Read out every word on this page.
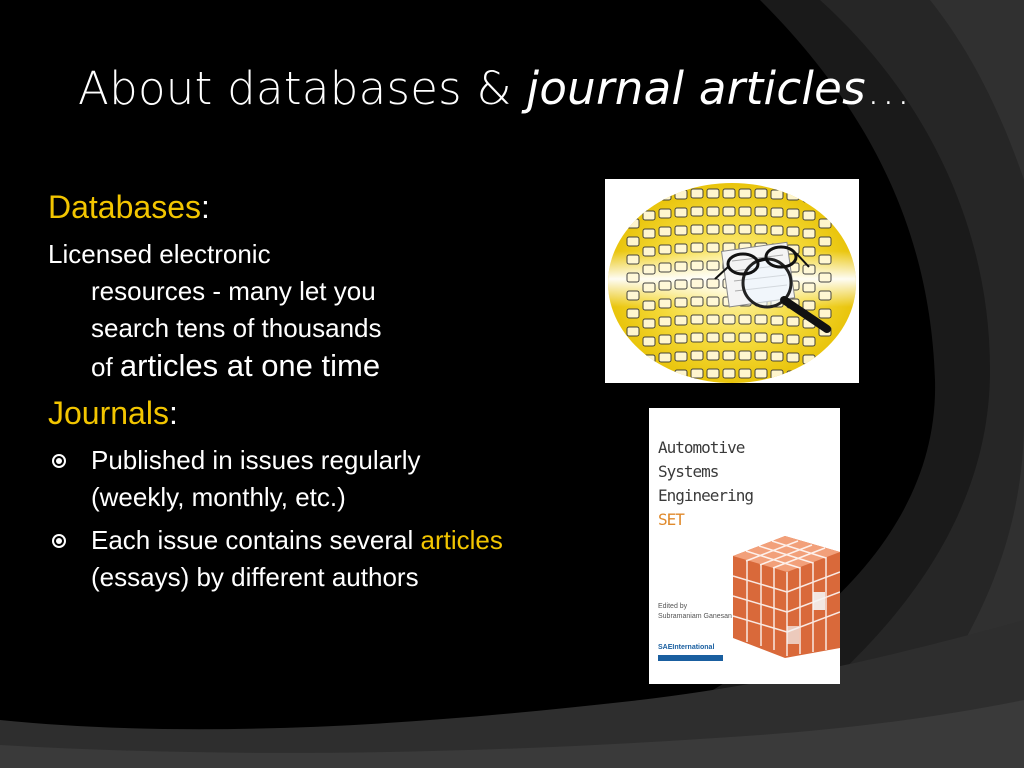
About databases & journal articles…
Databases:
Licensed electronic
resources - many let you
search tens of thousands
of articles at one time
Journals:
Published in issues regularly (weekly, monthly, etc.)
Each issue contains several articles (essays) by different authors
Automotive
Systems
Engineering
SET
Edited by
Subramaniam Ganesan
SAEInternational
